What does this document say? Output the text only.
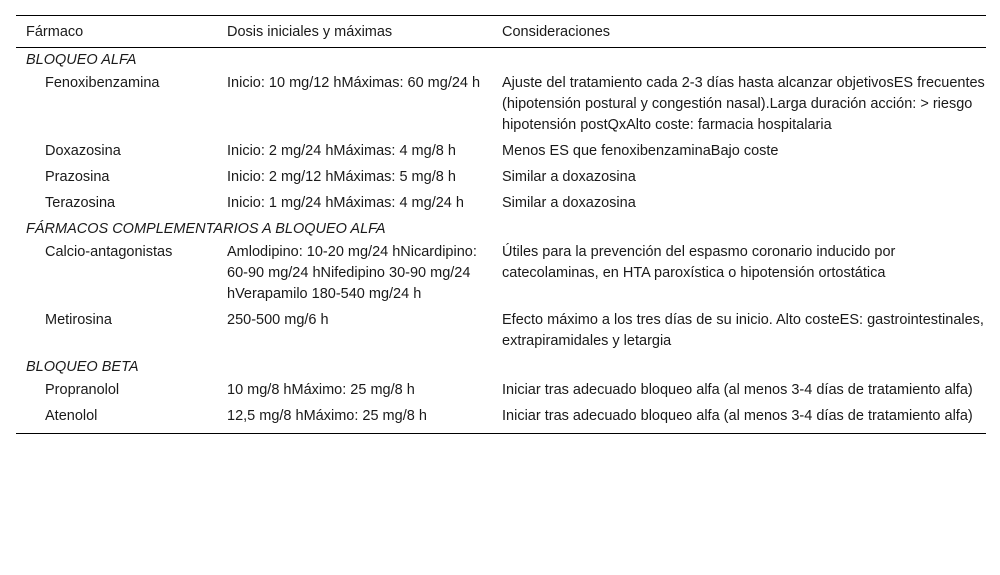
Fármaco	Dosis iniciales y máximas	Consideraciones
BLOQUEO ALFA		
Fenoxibenzamina	Inicio: 10 mg/12 hMáximas: 60 mg/24 h	Ajuste del tratamiento cada 2-3 días hasta alcanzar objetivosES frecuentes (hipotensión postural y congestión nasal).Larga duración acción: > riesgo hipotensión postQxAlto coste: farmacia hospitalaria
Doxazosina	Inicio: 2 mg/24 hMáximas: 4 mg/8 h	Menos ES que fenoxibenzaminaBajo coste
Prazosina	Inicio: 2 mg/12 hMáximas: 5 mg/8 h	Similar a doxazosina
Terazosina	Inicio: 1 mg/24 hMáximas: 4 mg/24 h	Similar a doxazosina
FÁRMACOS COMPLEMENTARIOS A BLOQUEO ALFA		
Calcio-antagonistas	Amlodipino: 10-20 mg/24 hNicardipino: 60-90 mg/24 hNifedipino 30-90 mg/24 hVerapamilo 180-540 mg/24 h	Útiles para la prevención del espasmo coronario inducido por catecolaminas, en HTA paroxística o hipotensión ortostática
Metirosina	250-500 mg/6 h	Efecto máximo a los tres días de su inicio. Alto costeES: gastrointestinales, extrapiramidales y letargia
BLOQUEO BETA		
Propranolol	10 mg/8 hMáximo: 25 mg/8 h	Iniciar tras adecuado bloqueo alfa (al menos 3-4 días de tratamiento alfa)
Atenolol	12,5 mg/8 hMáximo: 25 mg/8 h	Iniciar tras adecuado bloqueo alfa (al menos 3-4 días de tratamiento alfa)
